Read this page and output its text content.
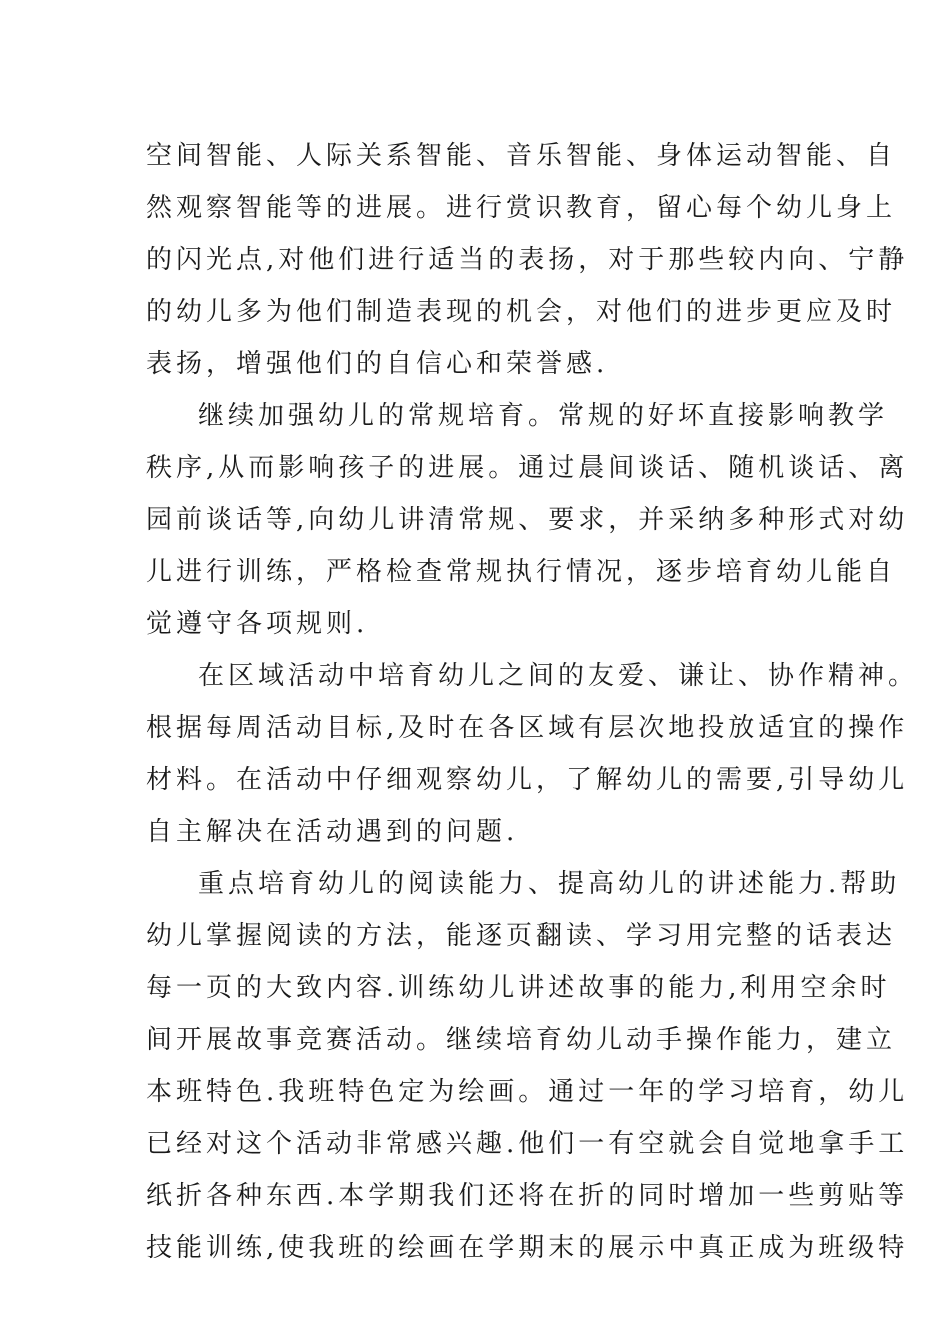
空间智能、人际关系智能、音乐智能、身体运动智能、自
然观察智能等的进展。进行赏识教育，留心每个幼儿身上
的闪光点,对他们进行适当的表扬，对于那些较内向、宁静
的幼儿多为他们制造表现的机会，对他们的进步更应及时
表扬，增强他们的自信心和荣誉感.
继续加强幼儿的常规培育。常规的好坏直接影响教学
秩序,从而影响孩子的进展。通过晨间谈话、随机谈话、离
园前谈话等,向幼儿讲清常规、要求，并采纳多种形式对幼
儿进行训练，严格检查常规执行情况，逐步培育幼儿能自
觉遵守各项规则.
在区域活动中培育幼儿之间的友爱、谦让、协作精神。
根据每周活动目标,及时在各区域有层次地投放适宜的操作
材料。在活动中仔细观察幼儿，了解幼儿的需要,引导幼儿
自主解决在活动遇到的问题.
重点培育幼儿的阅读能力、提高幼儿的讲述能力.帮助
幼儿掌握阅读的方法，能逐页翻读、学习用完整的话表达
每一页的大致内容.训练幼儿讲述故事的能力,利用空余时
间开展故事竞赛活动。继续培育幼儿动手操作能力，建立
本班特色.我班特色定为绘画。通过一年的学习培育，幼儿
已经对这个活动非常感兴趣.他们一有空就会自觉地拿手工
纸折各种东西.本学期我们还将在折的同时增加一些剪贴等
技能训练,使我班的绘画在学期末的展示中真正成为班级特
